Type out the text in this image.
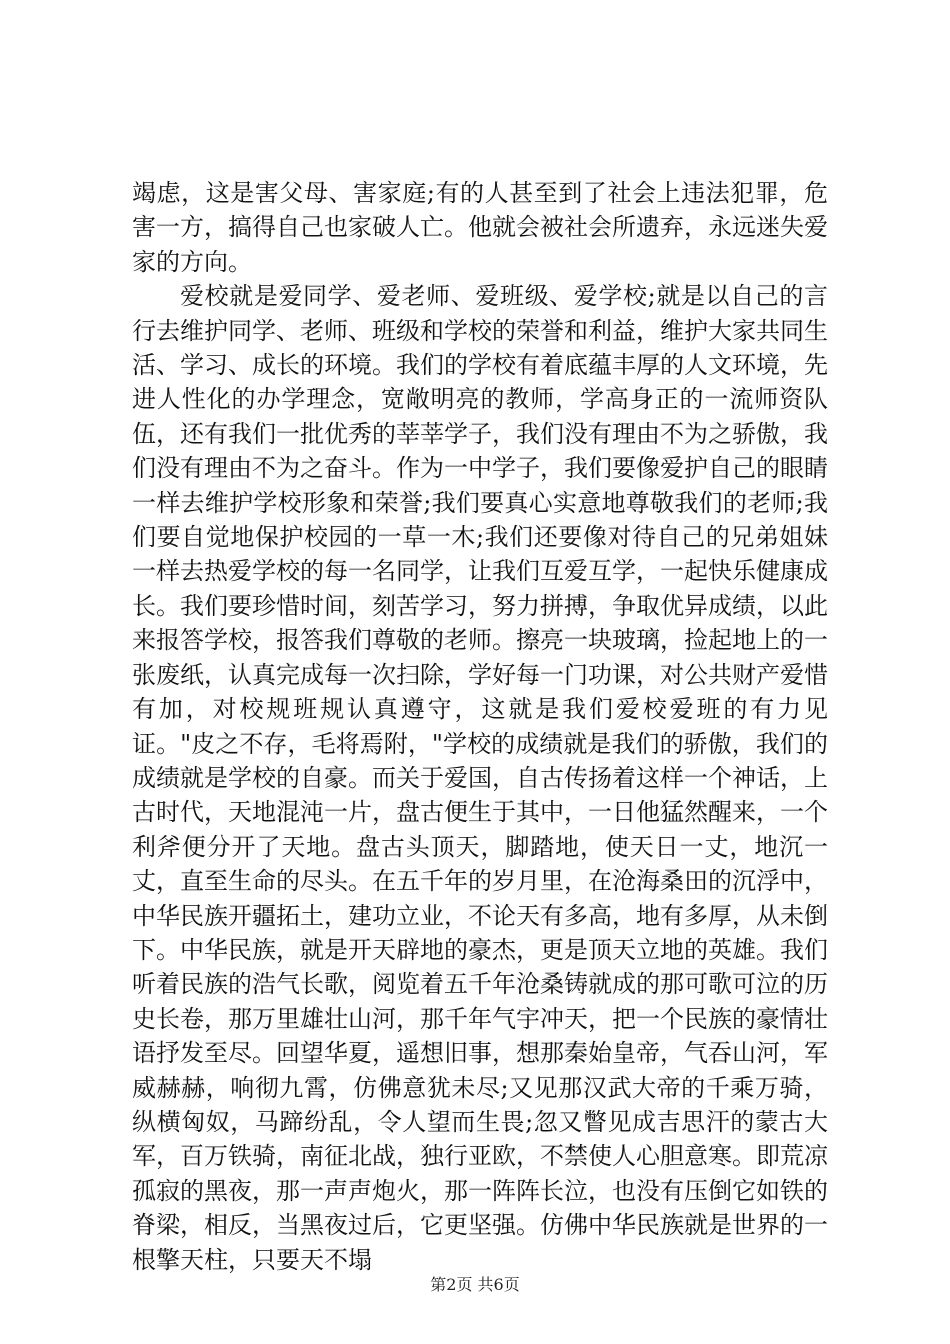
竭虑，这是害父母、害家庭;有的人甚至到了社会上违法犯罪，危害一方，搞得自己也家破人亡。他就会被社会所遗弃，永远迷失爱家的方向。

爱校就是爱同学、爱老师、爱班级、爱学校;就是以自己的言行去维护同学、老师、班级和学校的荣誉和利益，维护大家共同生活、学习、成长的环境。我们的学校有着底蕴丰厚的人文环境，先进人性化的办学理念，宽敞明亮的教师，学高身正的一流师资队伍，还有我们一批优秀的莘莘学子，我们没有理由不为之骄傲，我们没有理由不为之奋斗。作为一中学子，我们要像爱护自己的眼睛一样去维护学校形象和荣誉;我们要真心实意地尊敬我们的老师;我们要自觉地保护校园的一草一木;我们还要像对待自己的兄弟姐妹一样去热爱学校的每一名同学，让我们互爱互学，一起快乐健康成长。我们要珍惜时间，刻苦学习，努力拼搏，争取优异成绩，以此来报答学校，报答我们尊敬的老师。擦亮一块玻璃，捡起地上的一张废纸，认真完成每一次扫除，学好每一门功课，对公共财产爱惜有加，对校规班规认真遵守，这就是我们爱校爱班的有力见证。"皮之不存，毛将焉附，"学校的成绩就是我们的骄傲，我们的成绩就是学校的自豪。而关于爱国，自古传扬着这样一个神话，上古时代，天地混沌一片，盘古便生于其中，一日他猛然醒来，一个利斧便分开了天地。盘古头顶天，脚踏地，使天日一丈，地沉一丈，直至生命的尽头。在五千年的岁月里，在沧海桑田的沉浮中，中华民族开疆拓土，建功立业，不论天有多高，地有多厚，从未倒下。中华民族，就是开天辟地的豪杰，更是顶天立地的英雄。我们听着民族的浩气长歌，阅览着五千年沧桑铸就成的那可歌可泣的历史长卷，那万里雄壮山河，那千年气宇冲天，把一个民族的豪情壮语抒发至尽。回望华夏，遥想旧事，想那秦始皇帝，气吞山河，军威赫赫，响彻九霄，仿佛意犹未尽;又见那汉武大帝的千乘万骑，纵横匈奴，马蹄纷乱，令人望而生畏;忽又瞥见成吉思汗的蒙古大军，百万铁骑，南征北战，独行亚欧，不禁使人心胆意寒。即荒凉孤寂的黑夜，那一声声炮火，那一阵阵长泣，也没有压倒它如铁的脊梁，相反，当黑夜过后，它更坚强。仿佛中华民族就是世界的一根擎天柱，只要天不塌

第2页 共6页
